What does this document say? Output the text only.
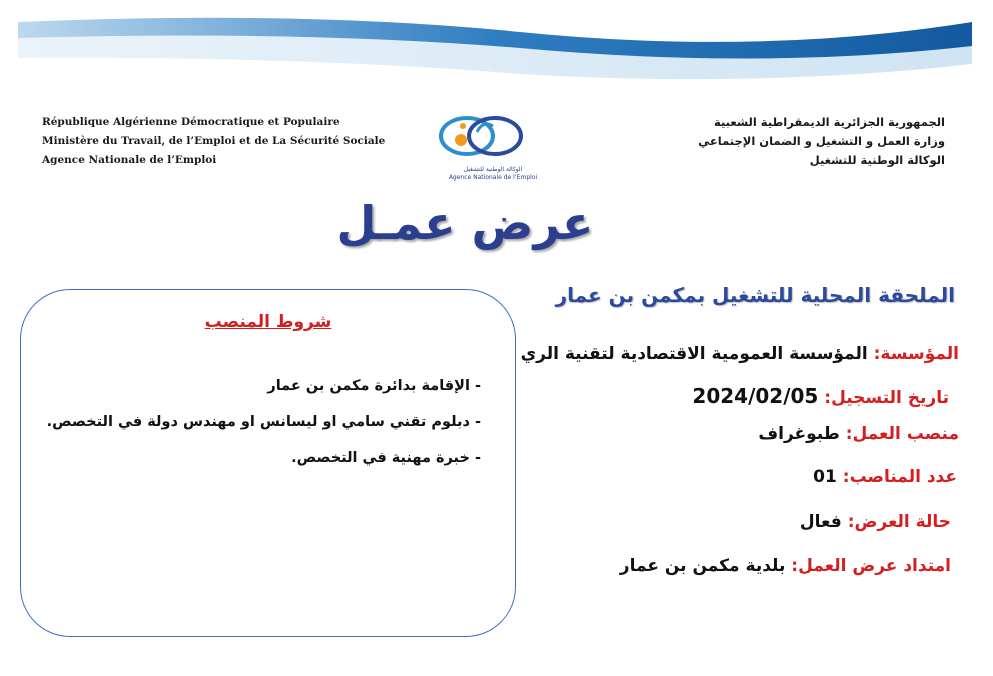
République Algérienne Démocratique et Populaire
Ministère du Travail, de l’Emploi et de La Sécurité Sociale
Agence Nationale de l’Emploi
الوكالة الوطنية للتشغيل
Agence Nationale de l’Emploi
الجمهورية الجزائرية الديمقراطية الشعبية
وزارة العمل و التشغيل و الضمان الإجتماعي
الوكالة الوطنية للتشغيل
عرض عمـل
الملحقة المحلية للتشغيل بمكمن بن عمار
المؤسسة: المؤسسة العمومية الاقتصادية لتقنية الري
تاريخ التسجيل: 2024/02/05
منصب العمل: طبوغراف
عدد المناصب: 01
حالة العرض: فعال
امتداد عرض العمل: بلدية مكمن بن عمار
شروط المنصب
- الإقامة بدائرة مكمن بن عمار
- دبلوم تقني سامي او ليسانس او مهندس دولة في التخصص.
- خبرة مهنية في التخصص.
